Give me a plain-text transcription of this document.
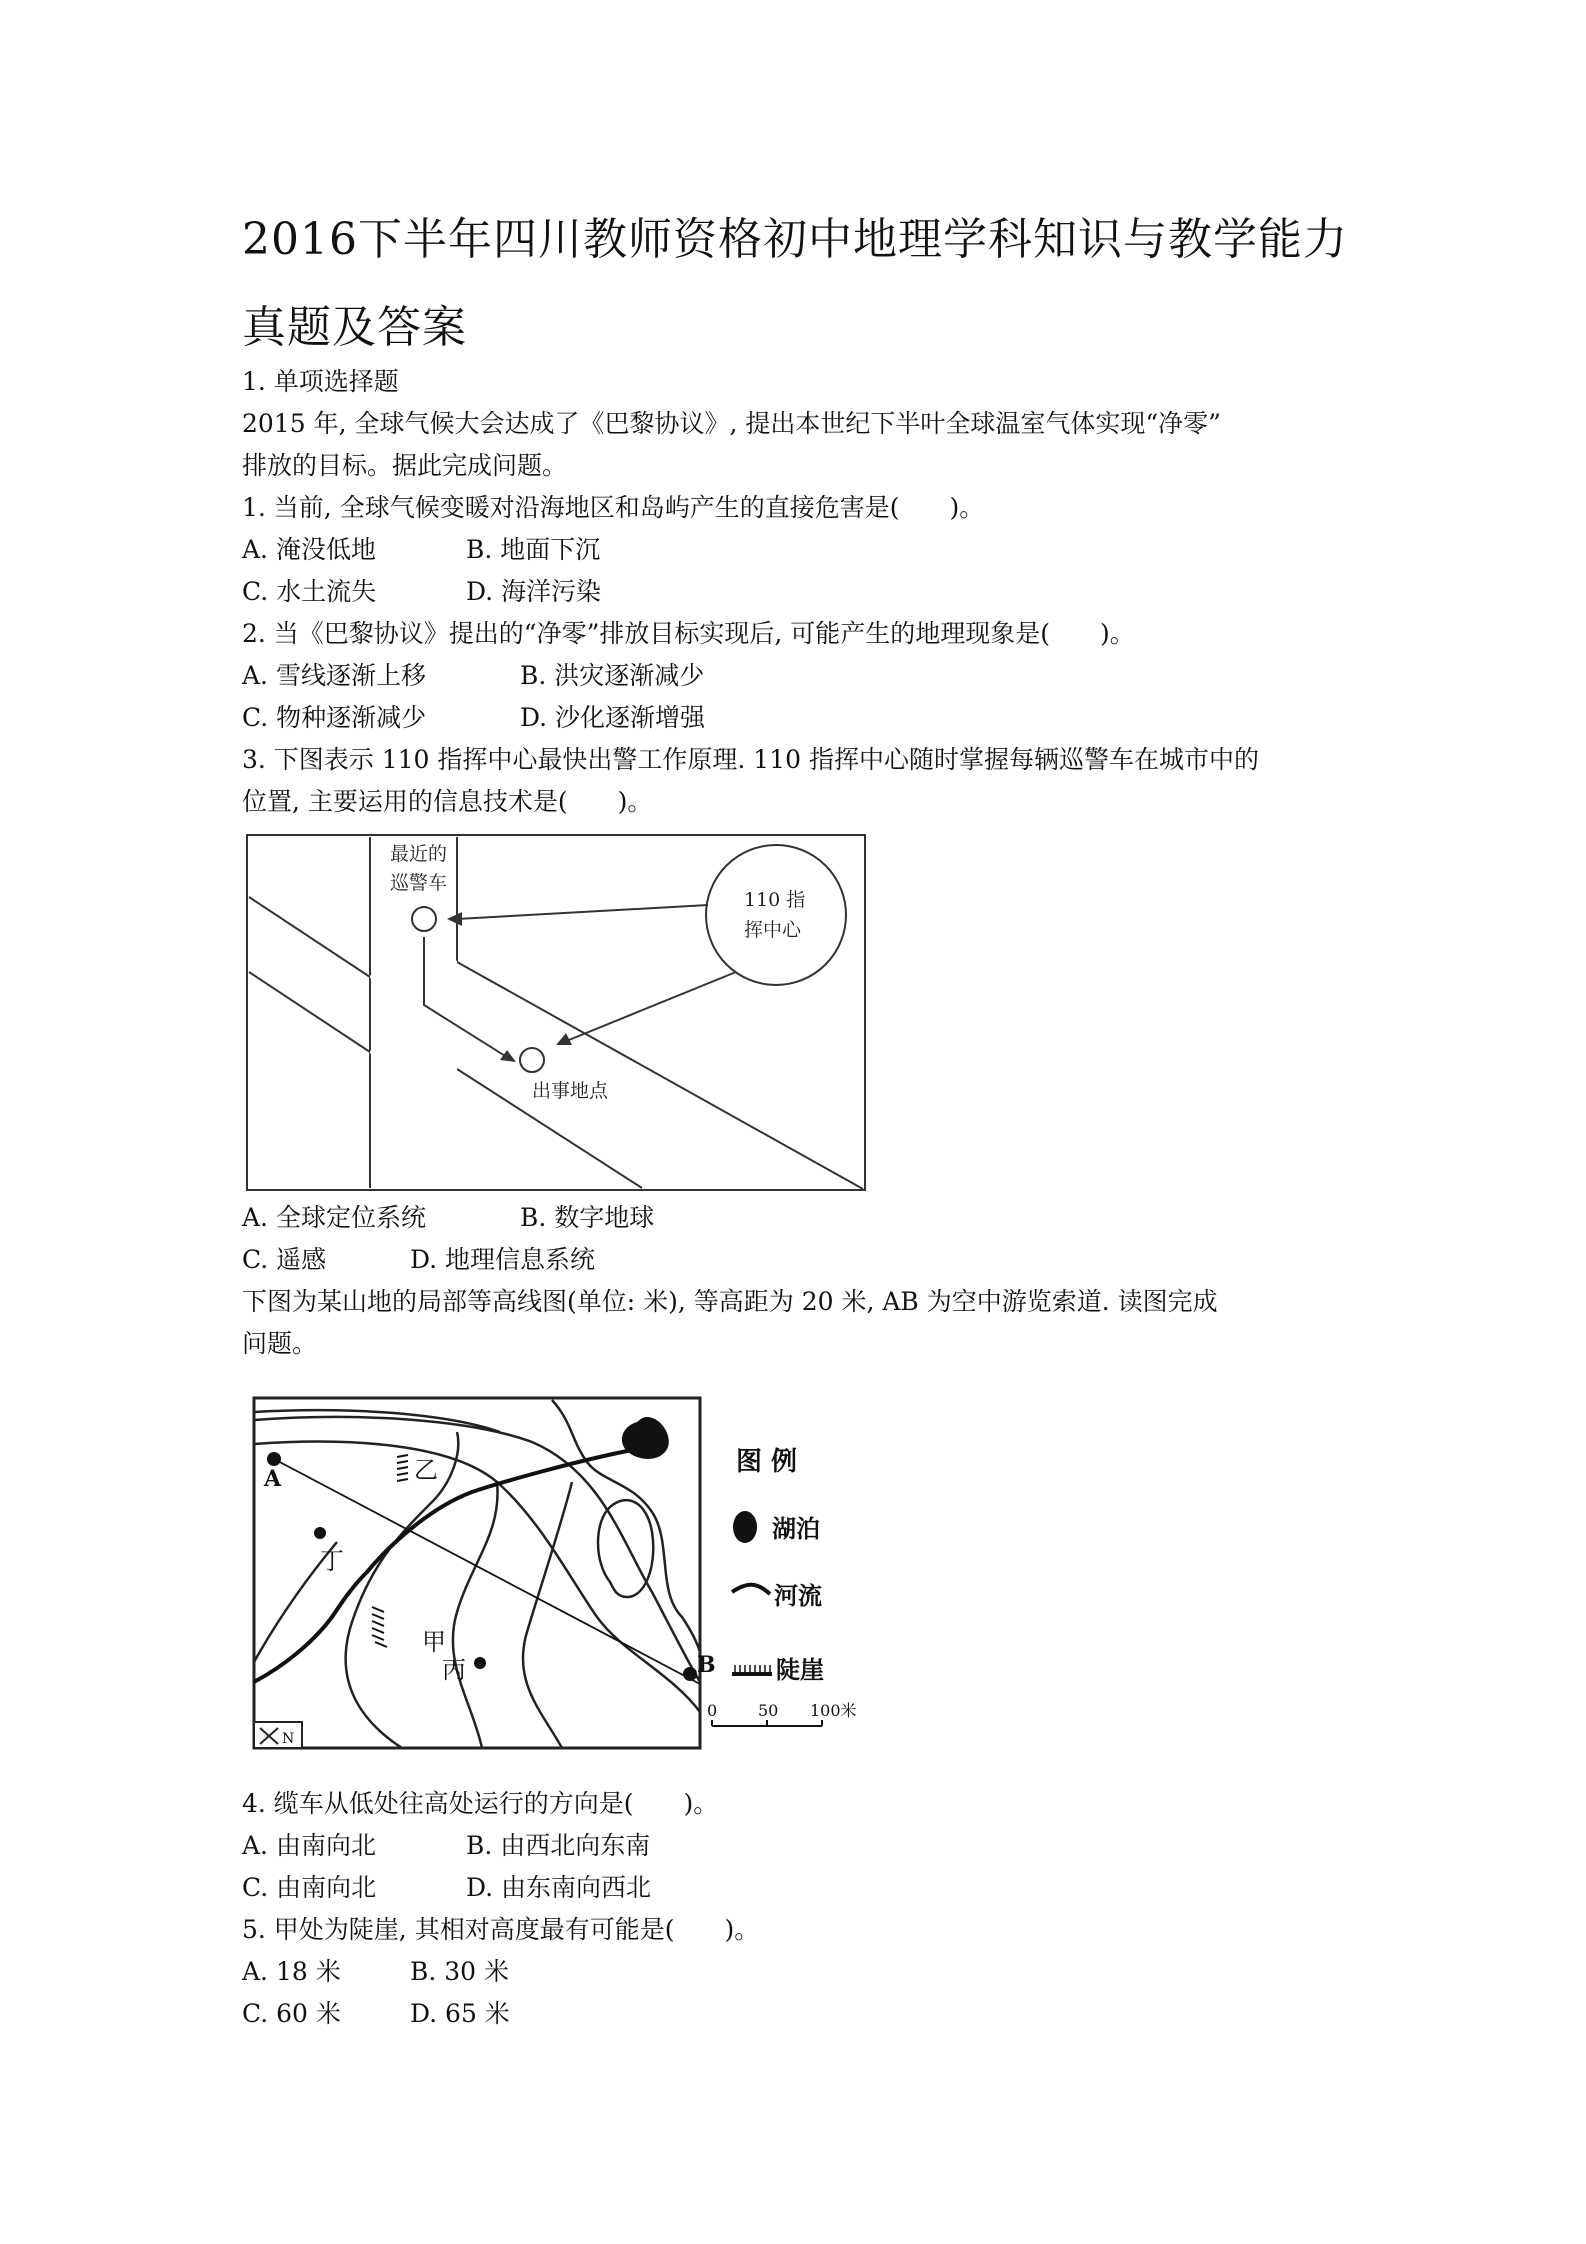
2016下半年四川教师资格初中地理学科知识与教学能力真题及答案
1. 单项选择题
2015 年, 全球气候大会达成了《巴黎协议》, 提出本世纪下半叶全球温室气体实现“净零”
排放的目标。据此完成问题。
1. 当前, 全球气候变暖对沿海地区和岛屿产生的直接危害是(　　)。
A. 淹没低地	B. 地面下沉
C. 水土流失	D. 海洋污染
2. 当《巴黎协议》提出的“净零”排放目标实现后, 可能产生的地理现象是(　　)。
A. 雪线逐渐上移	B. 洪灾逐渐减少
C. 物种逐渐减少	D. 沙化逐渐增强
3. 下图表示 110 指挥中心最快出警工作原理. 110 指挥中心随时掌握每辆巡警车在城市中的
位置, 主要运用的信息技术是(　　)。
最近的
巡警车
110 指
挥中心
出事地点
A. 全球定位系统	B. 数字地球
C. 遥感	D. 地理信息系统
下图为某山地的局部等高线图(单位: 米), 等高距为 20 米, AB 为空中游览索道. 读图完成
问题。
A
B
乙
甲
丙
丁
N
图 例
湖泊
河流
陡崖
0	50 100米
4. 缆车从低处往高处运行的方向是(　　)。
A. 由南向北	B. 由西北向东南
C. 由南向北	D. 由东南向西北
5. 甲处为陡崖, 其相对高度最有可能是(　　)。
A. 18 米	B. 30 米
C. 60 米	D. 65 米
